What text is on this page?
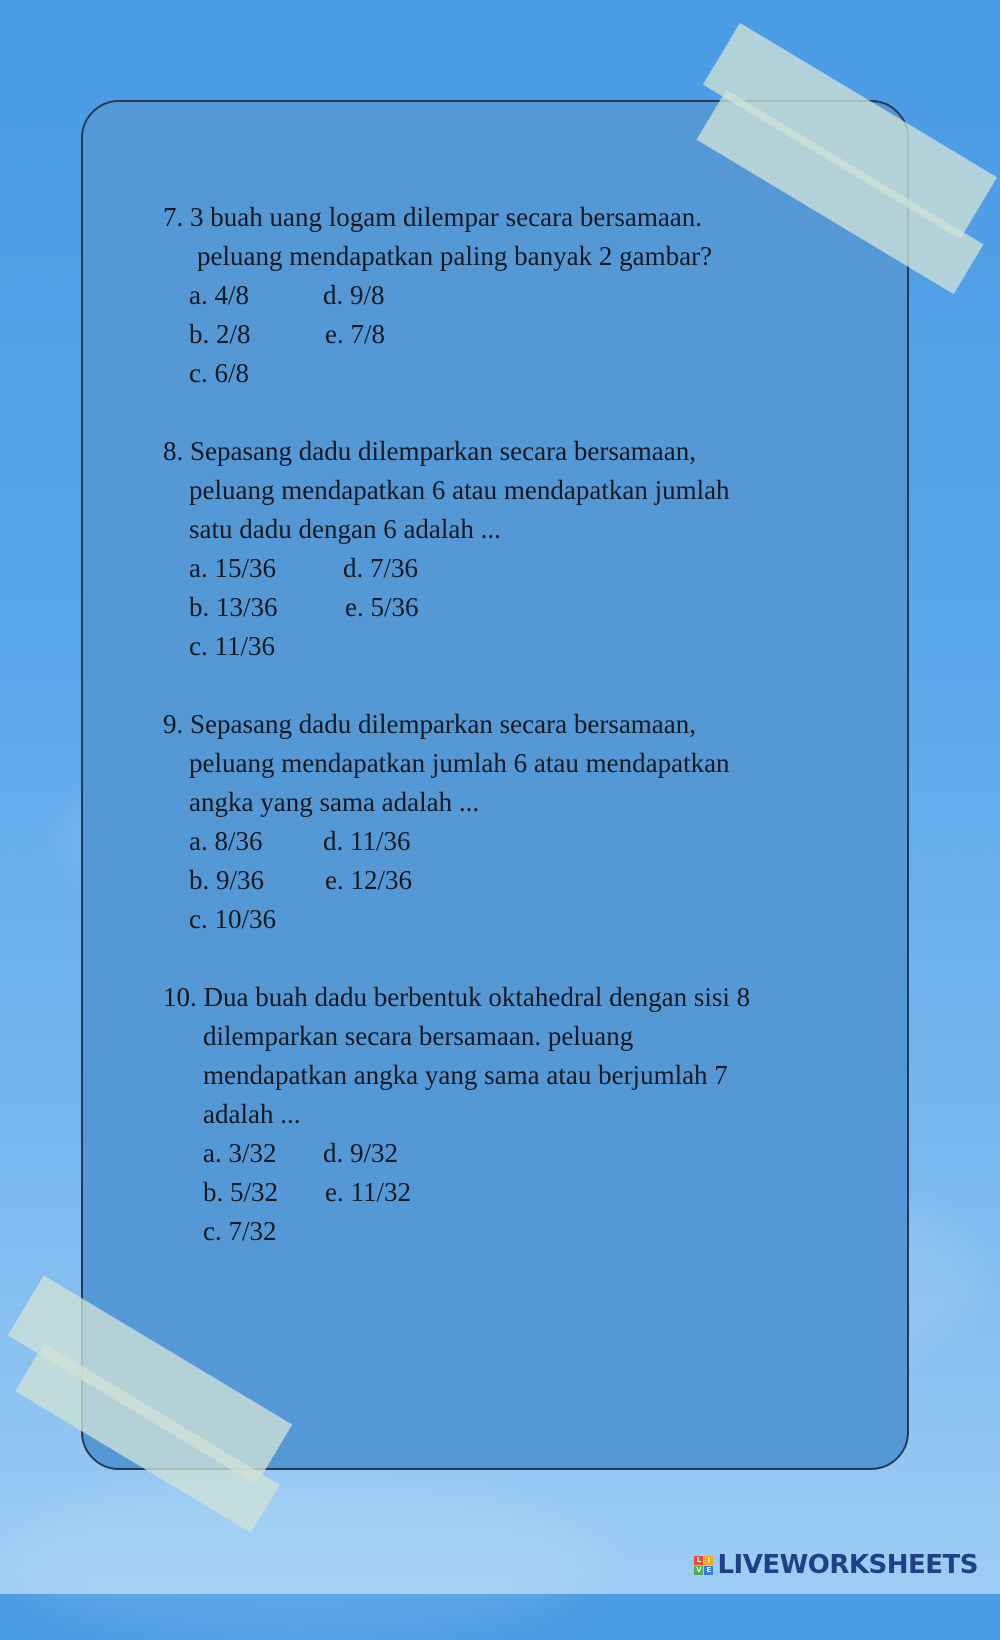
7. 3 buah uang logam dilempar secara bersamaan.
peluang mendapatkan paling banyak 2 gambar?
a. 4/8	d. 9/8
b. 2/8	e. 7/8
c. 6/8
8. Sepasang dadu dilemparkan secara bersamaan,
peluang mendapatkan 6 atau mendapatkan jumlah
satu dadu dengan 6 adalah ...
a. 15/36 d. 7/36
b. 13/36 e. 5/36
c. 11/36
9. Sepasang dadu dilemparkan secara bersamaan,
peluang mendapatkan jumlah 6 atau mendapatkan
angka yang sama adalah ...
a. 8/36 d. 11/36
b. 9/36 e. 12/36
c. 10/36
10. Dua buah dadu berbentuk oktahedral dengan sisi 8
dilemparkan secara bersamaan. peluang
mendapatkan angka yang sama atau berjumlah 7
adalah ...
a. 3/32 d. 9/32
b. 5/32 e. 11/32
c. 7/32
L I
V E LIVEWORKSHEETS
